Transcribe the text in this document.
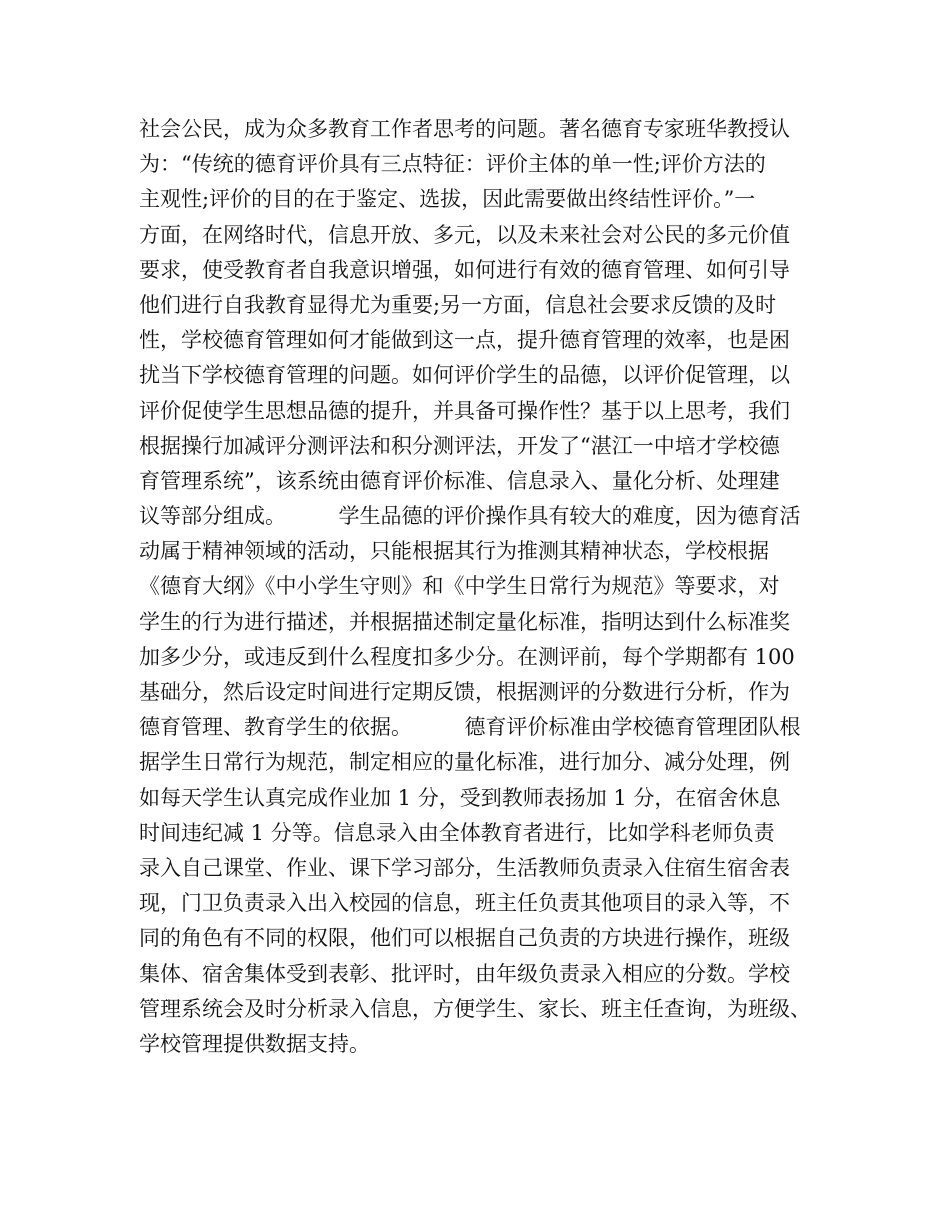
社会公民，成为众多教育工作者思考的问题。著名德育专家班华教授认
为：“传统的德育评价具有三点特征：评价主体的单一性;评价方法的
主观性;评价的目的在于鉴定、选拔，因此需要做出终结性评价。”一
方面，在网络时代，信息开放、多元，以及未来社会对公民的多元价值
要求，使受教育者自我意识增强，如何进行有效的德育管理、如何引导
他们进行自我教育显得尤为重要;另一方面，信息社会要求反馈的及时
性，学校德育管理如何才能做到这一点，提升德育管理的效率，也是困
扰当下学校德育管理的问题。如何评价学生的品德，以评价促管理，以
评价促使学生思想品德的提升，并具备可操作性？基于以上思考，我们
根据操行加减评分测评法和积分测评法，开发了“湛江一中培才学校德
育管理系统”，该系统由德育评价标准、信息录入、量化分析、处理建
议等部分组成。　　　学生品德的评价操作具有较大的难度，因为德育活
动属于精神领域的活动，只能根据其行为推测其精神状态，学校根据
《德育大纲》《中小学生守则》和《中学生日常行为规范》等要求，对
学生的行为进行描述，并根据描述制定量化标准，指明达到什么标准奖
加多少分，或违反到什么程度扣多少分。在测评前，每个学期都有 100
基础分，然后设定时间进行定期反馈，根据测评的分数进行分析，作为
德育管理、教育学生的依据。　　　德育评价标准由学校德育管理团队根
据学生日常行为规范，制定相应的量化标准，进行加分、减分处理，例
如每天学生认真完成作业加 1 分，受到教师表扬加 1 分，在宿舍休息
时间违纪减 1 分等。信息录入由全体教育者进行，比如学科老师负责
录入自己课堂、作业、课下学习部分，生活教师负责录入住宿生宿舍表
现，门卫负责录入出入校园的信息，班主任负责其他项目的录入等，不
同的角色有不同的权限，他们可以根据自己负责的方块进行操作，班级
集体、宿舍集体受到表彰、批评时，由年级负责录入相应的分数。学校
管理系统会及时分析录入信息，方便学生、家长、班主任查询，为班级、
学校管理提供数据支持。
